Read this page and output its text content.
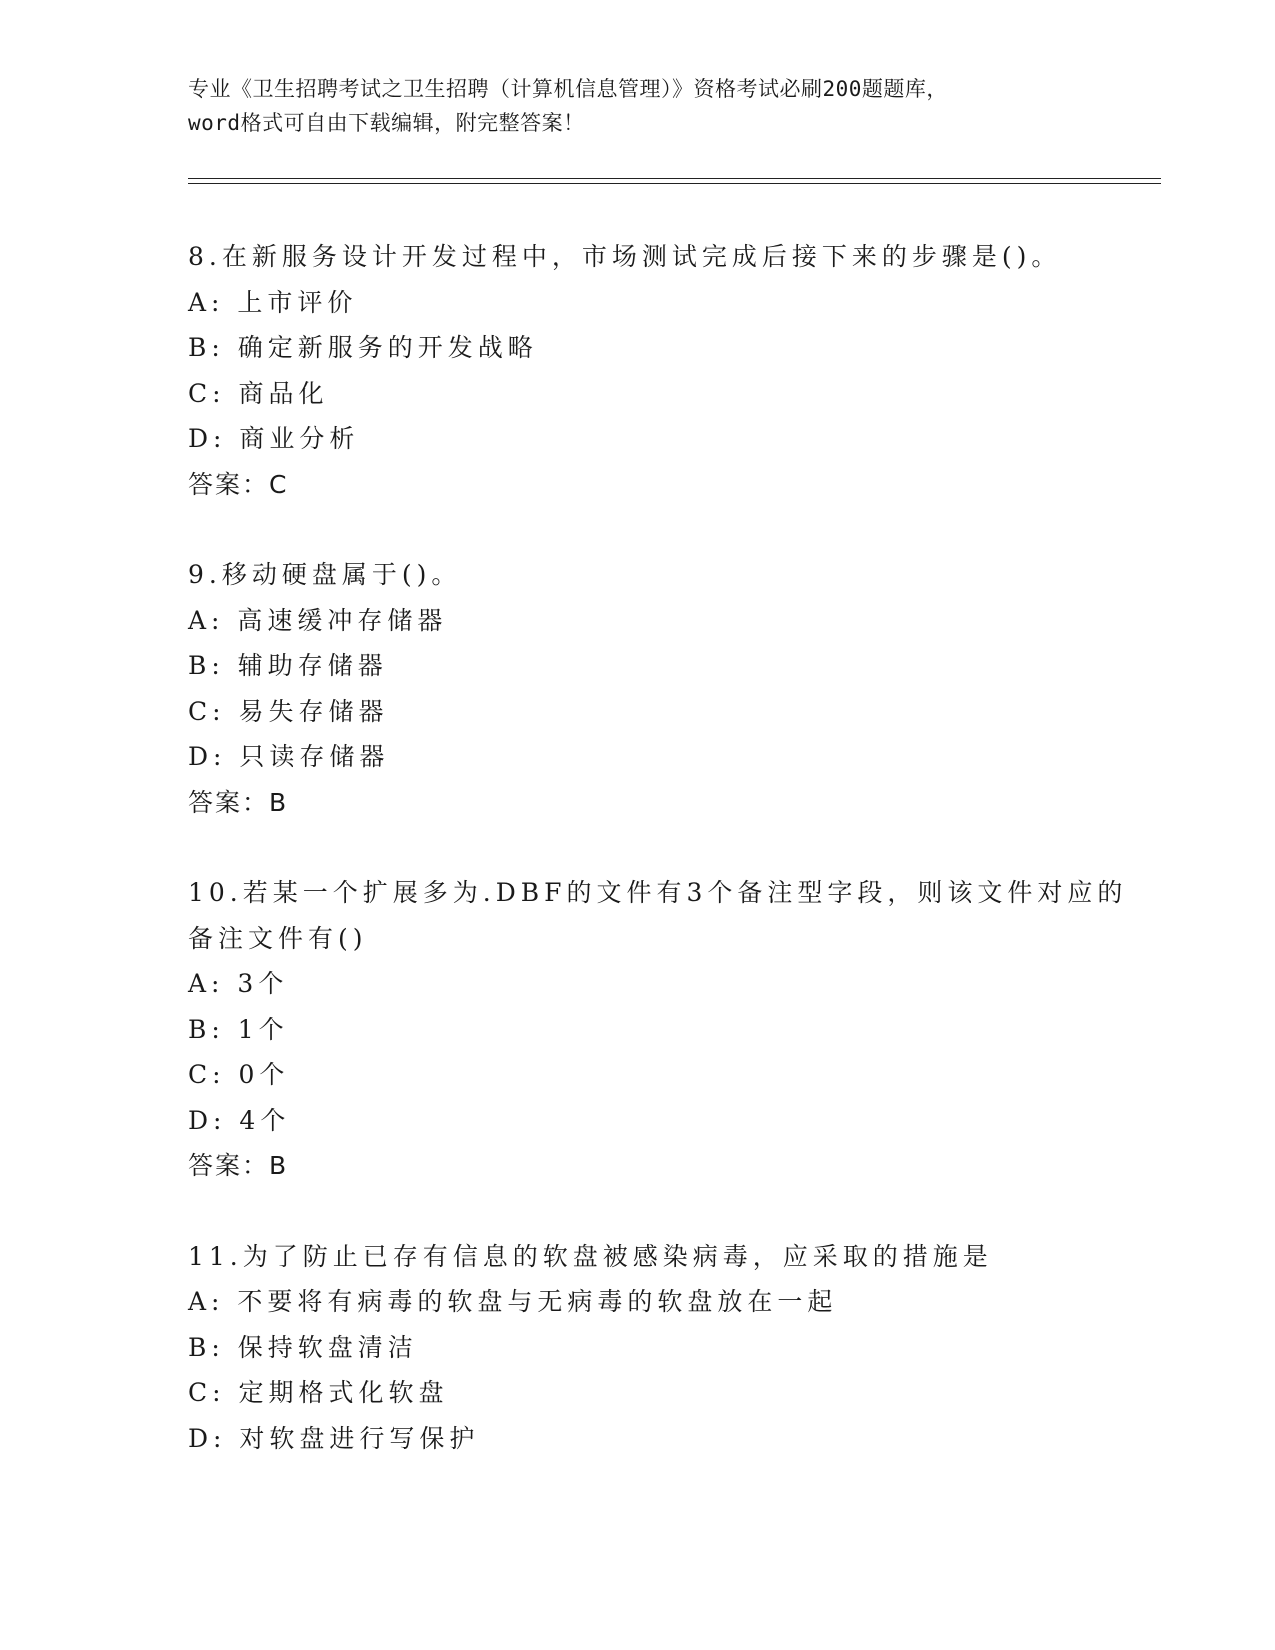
专业《卫生招聘考试之卫生招聘（计算机信息管理）》资格考试必刷200题题库，
word格式可自由下载编辑，附完整答案！
8.在新服务设计开发过程中，市场测试完成后接下来的步骤是()。
A: 上市评价
B: 确定新服务的开发战略
C: 商品化
D: 商业分析
答案：C
9.移动硬盘属于()。
A: 高速缓冲存储器
B: 辅助存储器
C: 易失存储器
D: 只读存储器
答案：B
10.若某一个扩展多为.DBF的文件有3个备注型字段，则该文件对应的
备注文件有()
A: 3个
B: 1个
C: 0个
D: 4个
答案：B
11.为了防止已存有信息的软盘被感染病毒，应采取的措施是
A: 不要将有病毒的软盘与无病毒的软盘放在一起
B: 保持软盘清洁
C: 定期格式化软盘
D: 对软盘进行写保护
